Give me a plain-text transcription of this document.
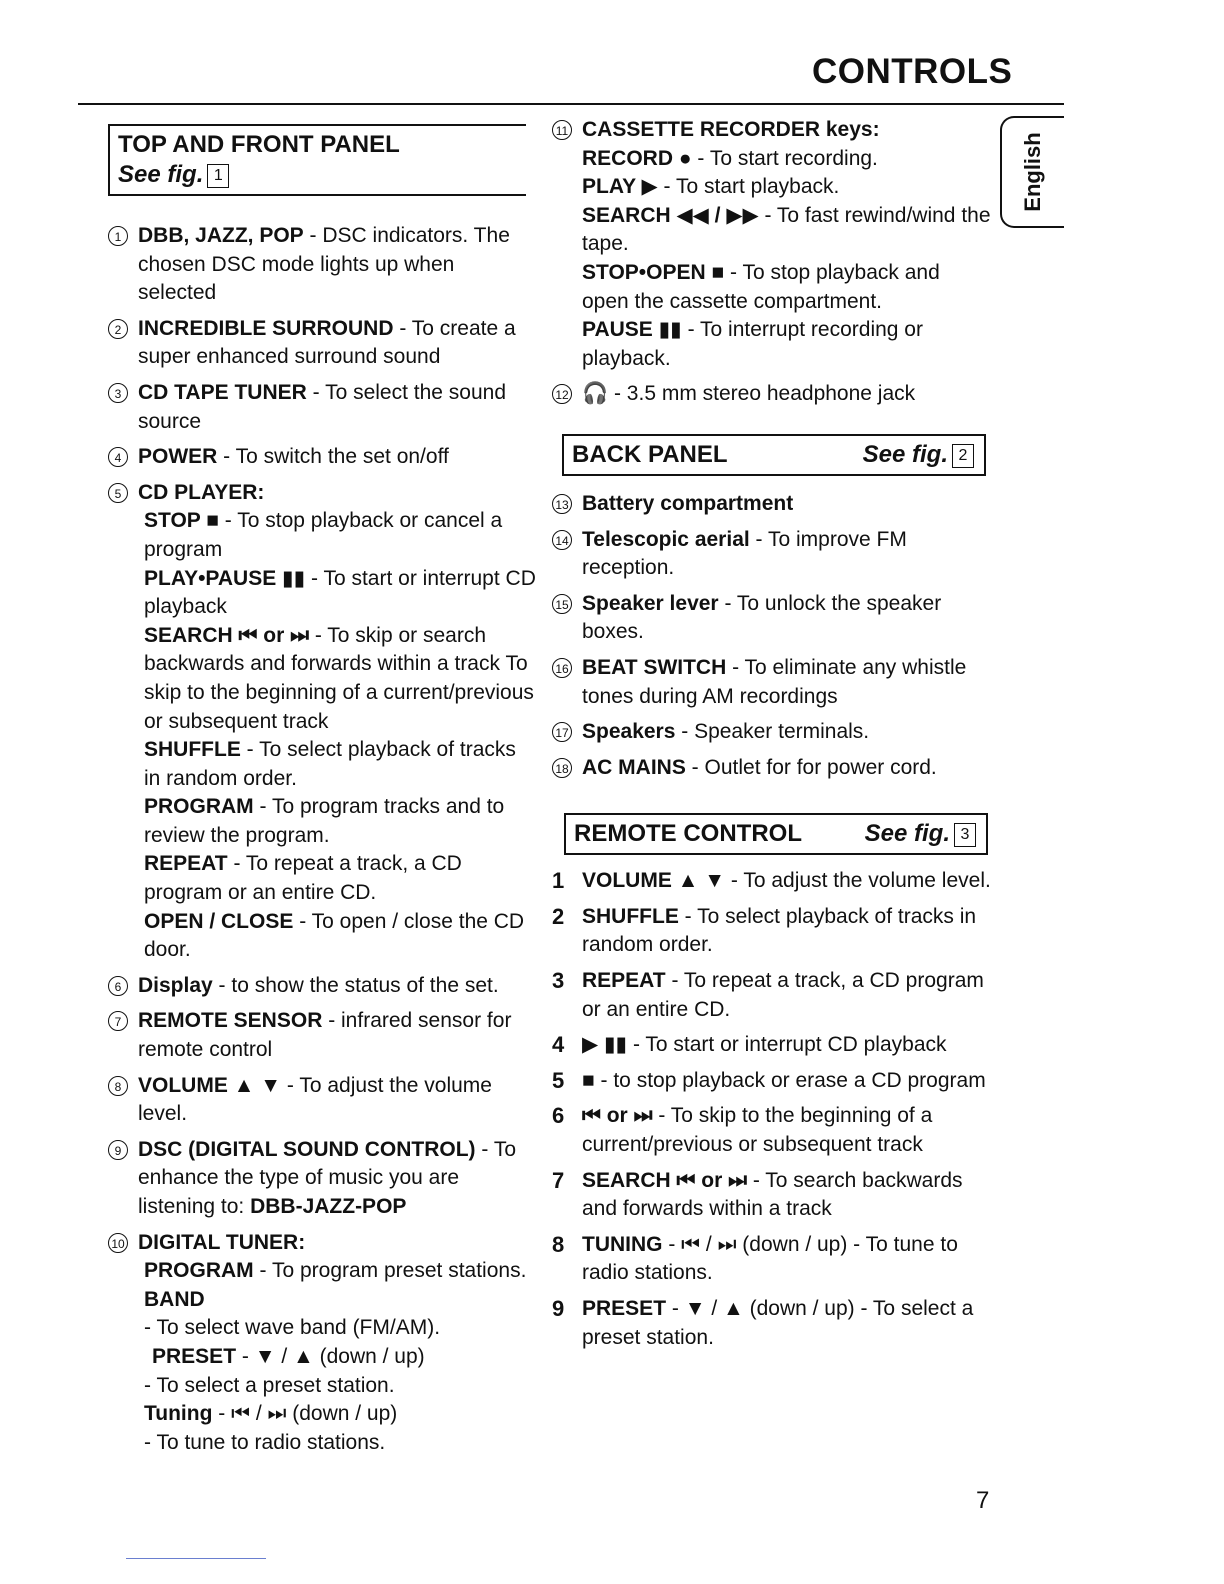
CONTROLS
English
TOP AND FRONT PANEL
See fig. 1
1 DBB, JAZZ, POP - DSC indicators. The chosen DSC mode lights up when selected
2 INCREDIBLE SURROUND - To create a super enhanced surround sound
3 CD TAPE TUNER - To select the sound source
4 POWER - To switch the set on/off
5 CD PLAYER:
STOP ■ - To stop playback or cancel a program
PLAY•PAUSE ▮▮ - To start or interrupt CD playback
SEARCH ⏮ or ⏭ - To skip or search backwards and forwards within a track To skip to the beginning of a current/previous or subsequent track
SHUFFLE - To select playback of tracks in random order.
PROGRAM - To program tracks and to review the program.
REPEAT - To repeat a track, a CD program or an entire CD.
OPEN / CLOSE - To open / close the CD door.
6 Display - to show the status of the set.
7 REMOTE SENSOR - infrared sensor for remote control
8 VOLUME ▲ ▼ - To adjust the volume level.
9 DSC (DIGITAL SOUND CONTROL) - To enhance the type of music you are listening to: DBB-JAZZ-POP
10 DIGITAL TUNER:
PROGRAM - To program preset stations.
BAND
- To select wave band (FM/AM).
PRESET - ▼ / ▲ (down / up)
- To select a preset station.
Tuning - ⏮ / ⏭ (down / up)
- To tune to radio stations.
11 CASSETTE RECORDER keys:
RECORD ● - To start recording.
PLAY ▶ - To start playback.
SEARCH ◀◀ / ▶▶ - To fast rewind/wind the tape.
STOP•OPEN ■ - To stop playback and open the cassette compartment.
PAUSE ▮▮ - To interrupt recording or playback.
12 🎧 - 3.5 mm stereo headphone jack
BACK PANEL	See fig. 2
13 Battery compartment
14 Telescopic aerial - To improve FM reception.
15 Speaker lever - To unlock the speaker boxes.
16 BEAT SWITCH - To eliminate any whistle tones during AM recordings
17 Speakers - Speaker terminals.
18 AC MAINS - Outlet for for power cord.
REMOTE CONTROL	See fig. 3
1 VOLUME ▲ ▼ - To adjust the volume level.
2 SHUFFLE - To select playback of tracks in random order.
3 REPEAT - To repeat a track, a CD program or an entire CD.
4 ▶ ▮▮ - To start or interrupt CD playback
5 ■ - to stop playback or erase a CD program
6 ⏮ or ⏭ - To skip to the beginning of a current/previous or subsequent track
7 SEARCH ⏮ or ⏭ - To search backwards and forwards within a track
8 TUNING - ⏮ / ⏭ (down / up) - To tune to radio stations.
9 PRESET - ▼ / ▲ (down / up) - To select a preset station.
7
